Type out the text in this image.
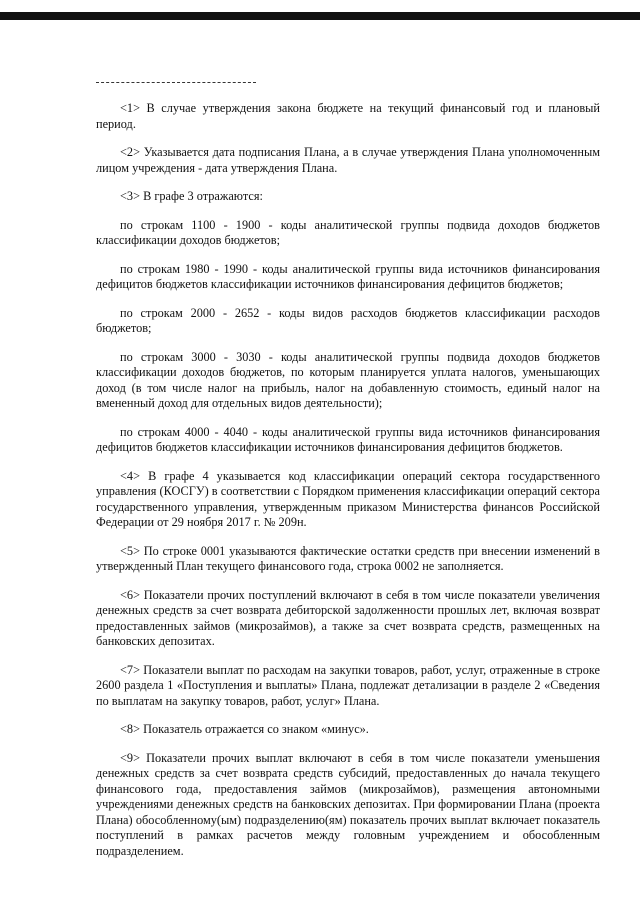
<1> В случае утверждения закона бюджете на текущий финансовый год и плановый период.

<2> Указывается дата подписания Плана, а в случае утверждения Плана уполномоченным лицом учреждения - дата утверждения Плана.

<3> В графе 3 отражаются:

по строкам 1100 - 1900 - коды аналитической группы подвида доходов бюджетов классификации доходов бюджетов;

по строкам 1980 - 1990 - коды аналитической группы вида источников финансирования дефицитов бюджетов классификации источников финансирования дефицитов бюджетов;

по строкам 2000 - 2652 - коды видов расходов бюджетов классификации расходов бюджетов;

по строкам 3000 - 3030 - коды аналитической группы подвида доходов бюджетов классификации доходов бюджетов, по которым планируется уплата налогов, уменьшающих доход (в том числе налог на прибыль, налог на добавленную стоимость, единый налог на вмененный доход для отдельных видов деятельности);

по строкам 4000 - 4040 - коды аналитической группы вида источников финансирования дефицитов бюджетов классификации источников финансирования дефицитов бюджетов.

<4> В графе 4 указывается код классификации операций сектора государственного управления (КОСГУ) в соответствии с Порядком применения классификации операций сектора государственного управления, утвержденным приказом Министерства финансов Российской Федерации от 29 ноября 2017 г. № 209н.

<5> По строке 0001 указываются фактические остатки средств при внесении изменений в утвержденный План текущего финансового года, строка 0002 не заполняется.

<6> Показатели прочих поступлений включают в себя в том числе показатели увеличения денежных средств за счет возврата дебиторской задолженности прошлых лет, включая возврат предоставленных займов (микрозаймов), а также за счет возврата средств, размещенных на банковских депозитах.

<7> Показатели выплат по расходам на закупки товаров, работ, услуг, отраженные в строке 2600 раздела 1 «Поступления и выплаты» Плана, подлежат детализации в разделе 2 «Сведения по выплатам на закупку товаров, работ, услуг» Плана.

<8> Показатель отражается со знаком «минус».

<9> Показатели прочих выплат включают в себя в том числе показатели уменьшения денежных средств за счет возврата средств субсидий, предоставленных до начала текущего финансового года, предоставления займов (микрозаймов), размещения автономными учреждениями денежных средств на банковских депозитах. При формировании Плана (проекта Плана) обособленному(ым) подразделению(ям) показатель прочих выплат включает показатель поступлений в рамках расчетов между головным учреждением и обособленным подразделением.
